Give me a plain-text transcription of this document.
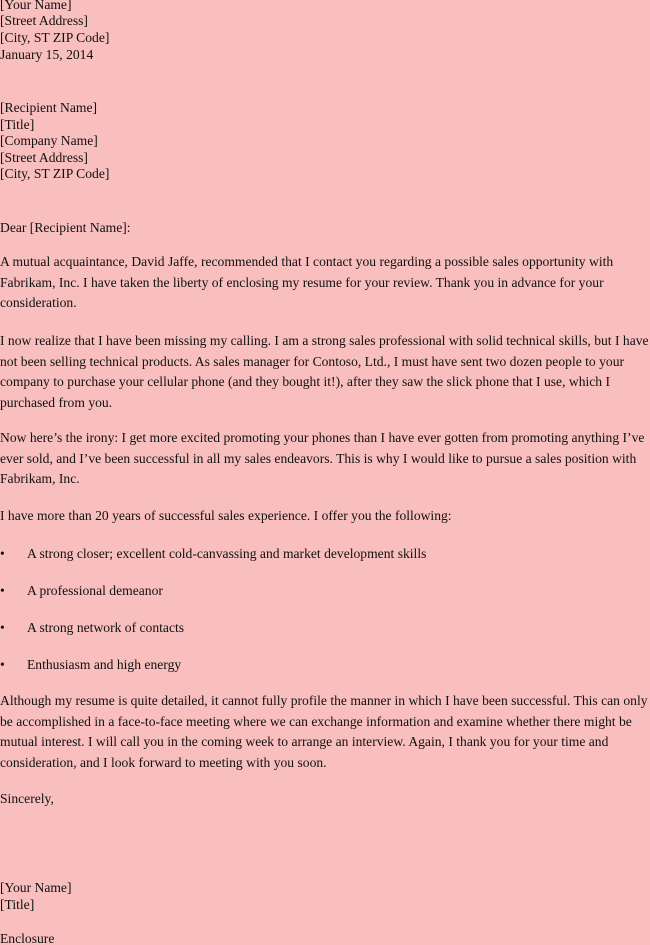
[Your Name]
[Street Address]
[City, ST ZIP Code]
January 15, 2014
[Recipient Name]
[Title]
[Company Name]
[Street Address]
[City, ST ZIP Code]
Dear [Recipient Name]:

A mutual acquaintance, David Jaffe, recommended that I contact you regarding a possible sales opportunity with Fabrikam, Inc. I have taken the liberty of enclosing my resume for your review. Thank you in advance for your consideration.

I now realize that I have been missing my calling. I am a strong sales professional with solid technical skills, but I have not been selling technical products. As sales manager for Contoso, Ltd., I must have sent two dozen people to your company to purchase your cellular phone (and they bought it!), after they saw the slick phone that I use, which I purchased from you.

Now here’s the irony: I get more excited promoting your phones than I have ever gotten from promoting anything I’ve ever sold, and I’ve been successful in all my sales endeavors. This is why I would like to pursue a sales position with Fabrikam, Inc.

I have more than 20 years of successful sales experience. I offer you the following:

• A strong closer; excellent cold-canvassing and market development skills
• A professional demeanor
• A strong network of contacts
• Enthusiasm and high energy

Although my resume is quite detailed, it cannot fully profile the manner in which I have been successful. This can only be accomplished in a face-to-face meeting where we can exchange information and examine whether there might be mutual interest. I will call you in the coming week to arrange an interview. Again, I thank you for your time and consideration, and I look forward to meeting with you soon.

Sincerely,
[Your Name]
[Title]
Enclosure
